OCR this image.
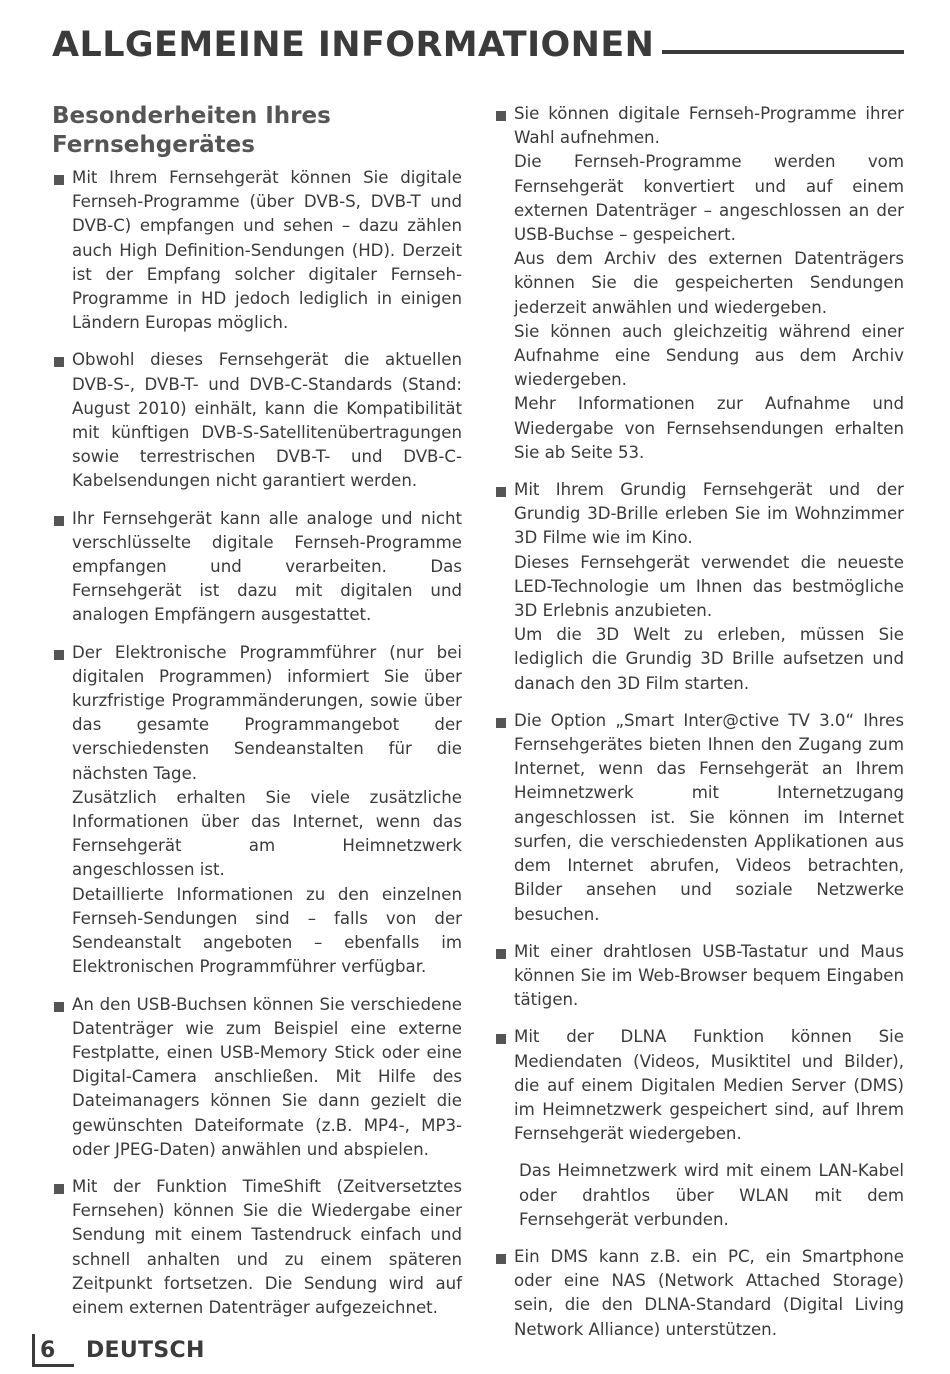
ALLGEMEINE INFORMATIONEN
Besonderheiten Ihres
Fernsehgerätes

Mit Ihrem Fernsehgerät können Sie digitale Fernseh-Programme (über DVB-S, DVB-T und DVB-C) empfangen und sehen – dazu zählen auch High Definition-Sendungen (HD). Derzeit ist der Empfang solcher digitaler Fernseh-Programme in HD jedoch lediglich in einigen Ländern Europas möglich.

Obwohl dieses Fernsehgerät die aktuellen DVB-S-, DVB-T- und DVB-C-Standards (Stand: August 2010) einhält, kann die Kompatibilität mit künftigen DVB-S-Satellitenübertragungen sowie terrestrischen DVB-T- und DVB-C-Kabelsendungen nicht garantiert werden.

Ihr Fernsehgerät kann alle analoge und nicht verschlüsselte digitale Fernseh-Programme empfangen und verarbeiten. Das Fernsehgerät ist dazu mit digitalen und analogen Empfängern ausgestattet.

Der Elektronische Programmführer (nur bei digitalen Programmen) informiert Sie über kurzfristige Programmänderungen, sowie über das gesamte Programmangebot der verschiedensten Sendeanstalten für die nächsten Tage.

Zusätzlich erhalten Sie viele zusätzliche Informationen über das Internet, wenn das Fernsehgerät am Heimnetzwerk angeschlossen ist.

Detaillierte Informationen zu den einzelnen Fernseh-Sendungen sind – falls von der Sendeanstalt angeboten – ebenfalls im Elektronischen Programmführer verfügbar.

An den USB-Buchsen können Sie verschiedene Datenträger wie zum Beispiel eine externe Festplatte, einen USB-Memory Stick oder eine Digital-Camera anschließen. Mit Hilfe des Dateimanagers können Sie dann gezielt die gewünschten Dateiformate (z.B. MP4-, MP3- oder JPEG-Daten) anwählen und abspielen.

Mit der Funktion TimeShift (Zeitversetztes Fernsehen) können Sie die Wiedergabe einer Sendung mit einem Tastendruck einfach und schnell anhalten und zu einem späteren Zeitpunkt fortsetzen. Die Sendung wird auf einem externen Datenträger aufgezeichnet.

Sie können digitale Fernseh-Programme ihrer Wahl aufnehmen.

Die Fernseh-Programme werden vom Fernsehgerät konvertiert und auf einem externen Datenträger – angeschlossen an der USB-Buchse – gespeichert.

Aus dem Archiv des externen Datenträgers können Sie die gespeicherten Sendungen jederzeit anwählen und wiedergeben.

Sie können auch gleichzeitig während einer Aufnahme eine Sendung aus dem Archiv wiedergeben.

Mehr Informationen zur Aufnahme und Wiedergabe von Fernsehsendungen erhalten Sie ab Seite 53.

Mit Ihrem Grundig Fernsehgerät und der Grundig 3D-Brille erleben Sie im Wohnzimmer 3D Filme wie im Kino.

Dieses Fernsehgerät verwendet die neueste LED-Technologie um Ihnen das bestmögliche 3D Erlebnis anzubieten.

Um die 3D Welt zu erleben, müssen Sie lediglich die Grundig 3D Brille aufsetzen und danach den 3D Film starten.

Die Option „Smart Inter@ctive TV 3.0“ Ihres Fernsehgerätes bieten Ihnen den Zugang zum Internet, wenn das Fernsehgerät an Ihrem Heimnetzwerk mit Internetzugang angeschlossen ist. Sie können im Internet surfen, die verschiedensten Applikationen aus dem Internet abrufen, Videos betrachten, Bilder ansehen und soziale Netzwerke besuchen.

Mit einer drahtlosen USB-Tastatur und Maus können Sie im Web-Browser bequem Eingaben tätigen.

Mit der DLNA Funktion können Sie Mediendaten (Videos, Musiktitel und Bilder), die auf einem Digitalen Medien Server (DMS) im Heimnetzwerk gespeichert sind, auf Ihrem Fernsehgerät wiedergeben.

Das Heimnetzwerk wird mit einem LAN-Kabel oder drahtlos über WLAN mit dem Fernsehgerät verbunden.

Ein DMS kann z.B. ein PC, ein Smartphone oder eine NAS (Network Attached Storage) sein, die den DLNA-Standard (Digital Living Network Alliance) unterstützen.

6 DEUTSCH
